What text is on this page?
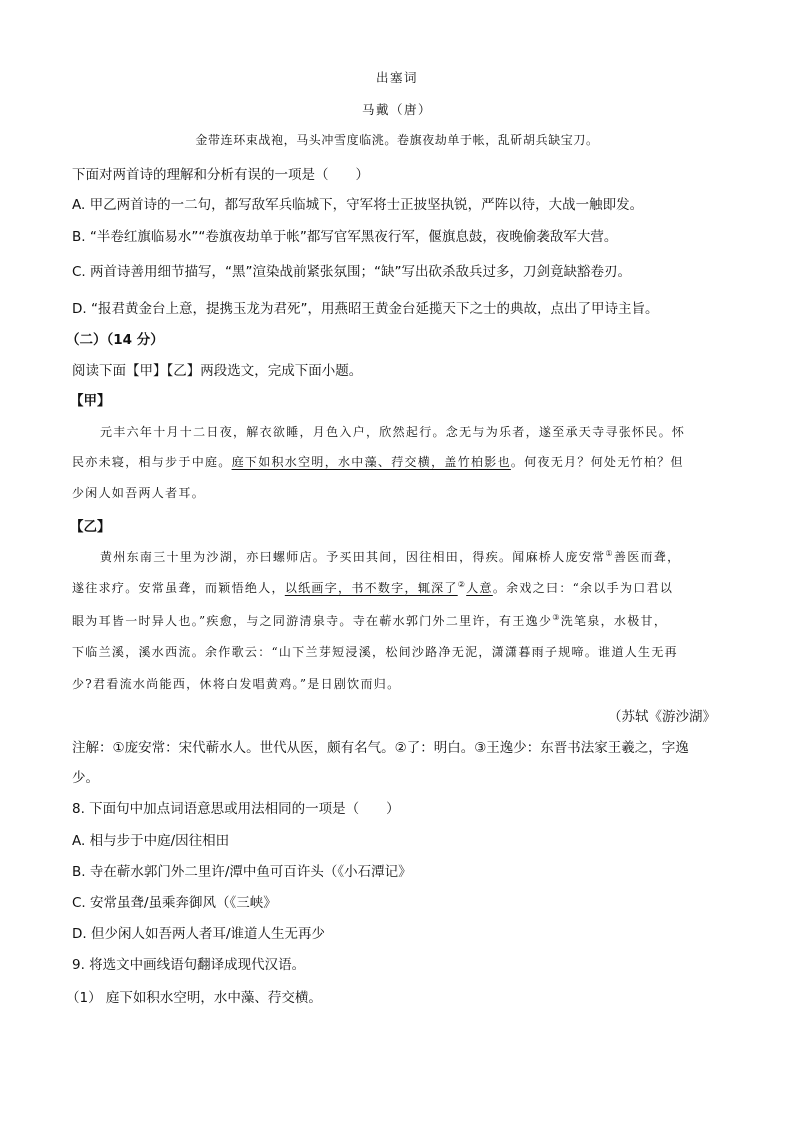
出塞词
马戴（唐）
金带连环束战袍，马头冲雪度临洮。卷旗夜劫单于帐，乱斫胡兵缺宝刀。
下面对两首诗的理解和分析有误的一项是（　　）
A. 甲乙两首诗的一二句，都写敌军兵临城下，守军将士正披坚执锐，严阵以待，大战一触即发。
B. “半卷红旗临易水”“卷旗夜劫单于帐”都写官军黑夜行军，偃旗息鼓，夜晚偷袭敌军大营。
C. 两首诗善用细节描写，“黑”渲染战前紧张氛围；“缺”写出砍杀敌兵过多，刀剑竟缺豁卷刃。
D. “报君黄金台上意，提携玉龙为君死”，用燕昭王黄金台延揽天下之士的典故，点出了甲诗主旨。
（二）（14 分）
阅读下面【甲】【乙】两段选文，完成下面小题。
【甲】
元丰六年十月十二日夜，解衣欲睡，月色入户，欣然起行。念无与为乐者，遂至承天寺寻张怀民。怀
民亦未寝，相与步于中庭。庭下如积水空明，水中藻、荇交横，盖竹柏影也。何夜无月？何处无竹柏？但
少闲人如吾两人者耳。
【乙】
黄州东南三十里为沙湖，亦曰螺师店。予买田其间，因往相田，得疾。闻麻桥人庞安常①善医而聋，
遂往求疗。安常虽聋，而颖悟绝人，以纸画字，书不数字，辄深了②人意。余戏之曰：“余以手为口君以
眼为耳皆一时异人也。”疾愈，与之同游清泉寺。寺在蕲水郭门外二里许，有王逸少③洗笔泉，水极甘，
下临兰溪，溪水西流。余作歌云：“山下兰芽短浸溪，松间沙路净无泥，潇潇暮雨子规啼。谁道人生无再
少?君看流水尚能西，休将白发唱黄鸡。”是日剧饮而归。
（苏轼《游沙湖》
注解：①庞安常：宋代蕲水人。世代从医，颇有名气。②了：明白。③王逸少：东晋书法家王羲之，字逸
少。
8. 下面句中加点词语意思或用法相同的一项是（　　）
A. 相与步于中庭/因往相田
B. 寺在蕲水郭门外二里许/潭中鱼可百许头（《小石潭记》
C. 安常虽聋/虽乘奔御风（《三峡》
D. 但少闲人如吾两人者耳/谁道人生无再少
9. 将选文中画线语句翻译成现代汉语。
（1） 庭下如积水空明，水中藻、荇交横。
